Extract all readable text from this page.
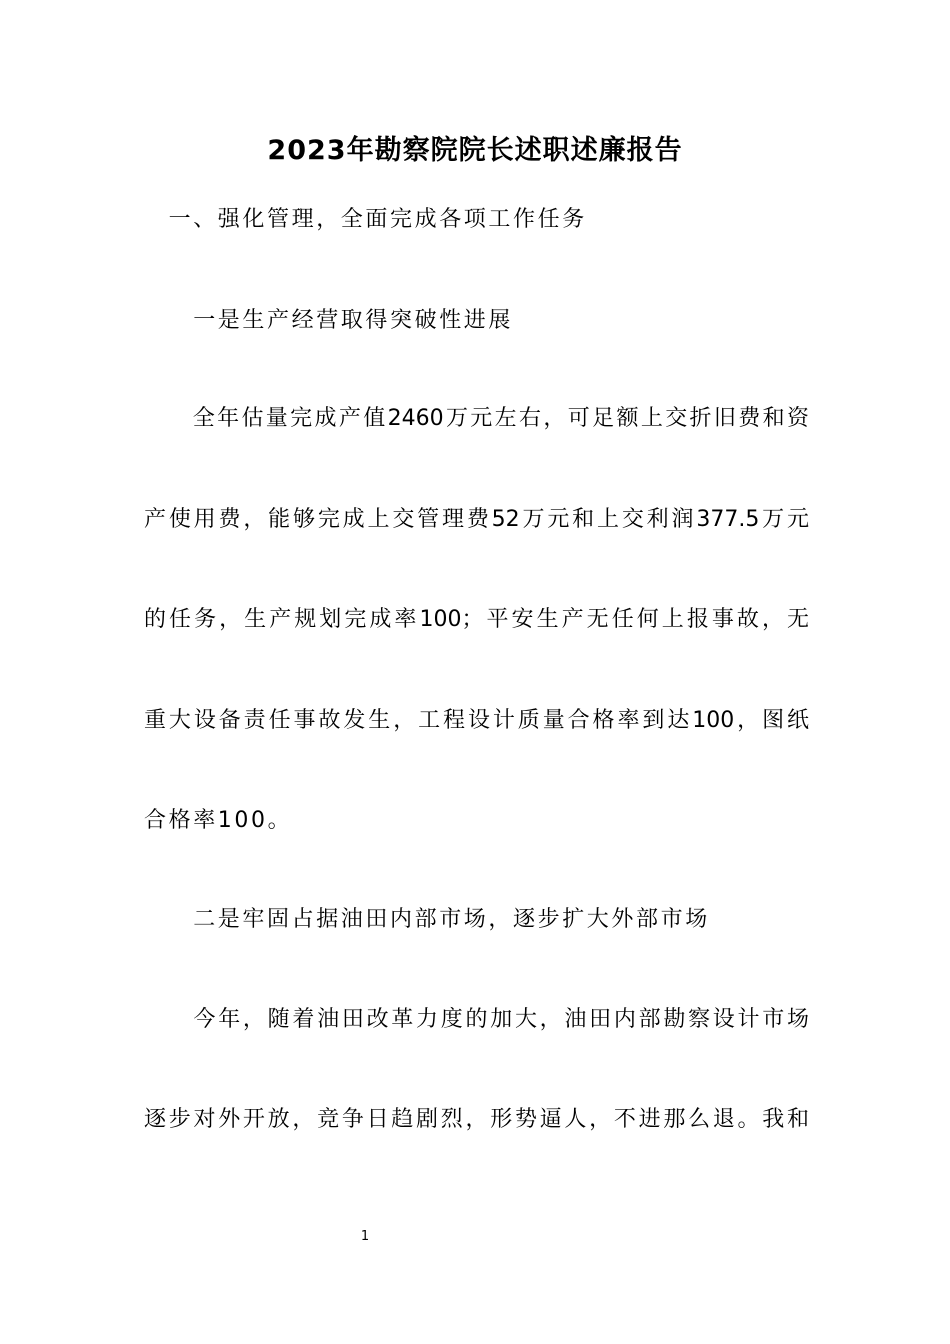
2023年勘察院院长述职述廉报告
　一、强化管理，全面完成各项工作任务
　　一是生产经营取得突破性进展
　　全年估量完成产值2460万元左右，可足额上交折旧费和资
产使用费，能够完成上交管理费52万元和上交利润377.5万元
的任务，生产规划完成率100；平安生产无任何上报事故，无
重大设备责任事故发生，工程设计质量合格率到达100，图纸
合格率100。
　　二是牢固占据油田内部市场，逐步扩大外部市场
　　今年，随着油田改革力度的加大，油田内部勘察设计市场
逐步对外开放，竞争日趋剧烈，形势逼人，不进那么退。我和
1
